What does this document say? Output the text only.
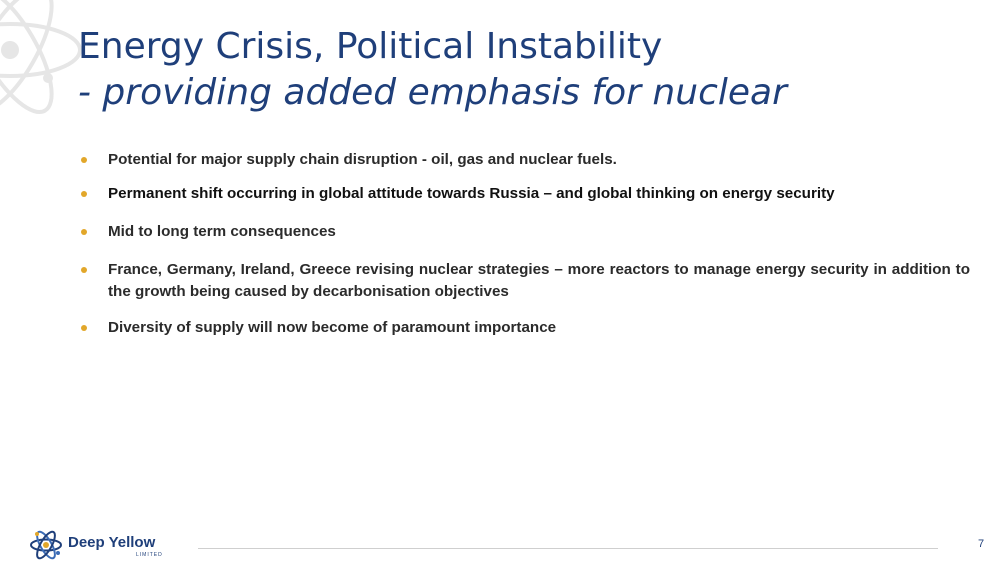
Energy Crisis, Political Instability
- providing added emphasis for nuclear
Potential for major supply chain disruption - oil, gas and nuclear fuels.
Permanent shift occurring in global attitude towards Russia – and global thinking on energy security
Mid to long term consequences
France, Germany, Ireland, Greece revising nuclear strategies – more reactors to manage energy security in addition to the growth being caused by decarbonisation objectives
Diversity of supply will now become of paramount importance
Deep Yellow
LIMITED
7
